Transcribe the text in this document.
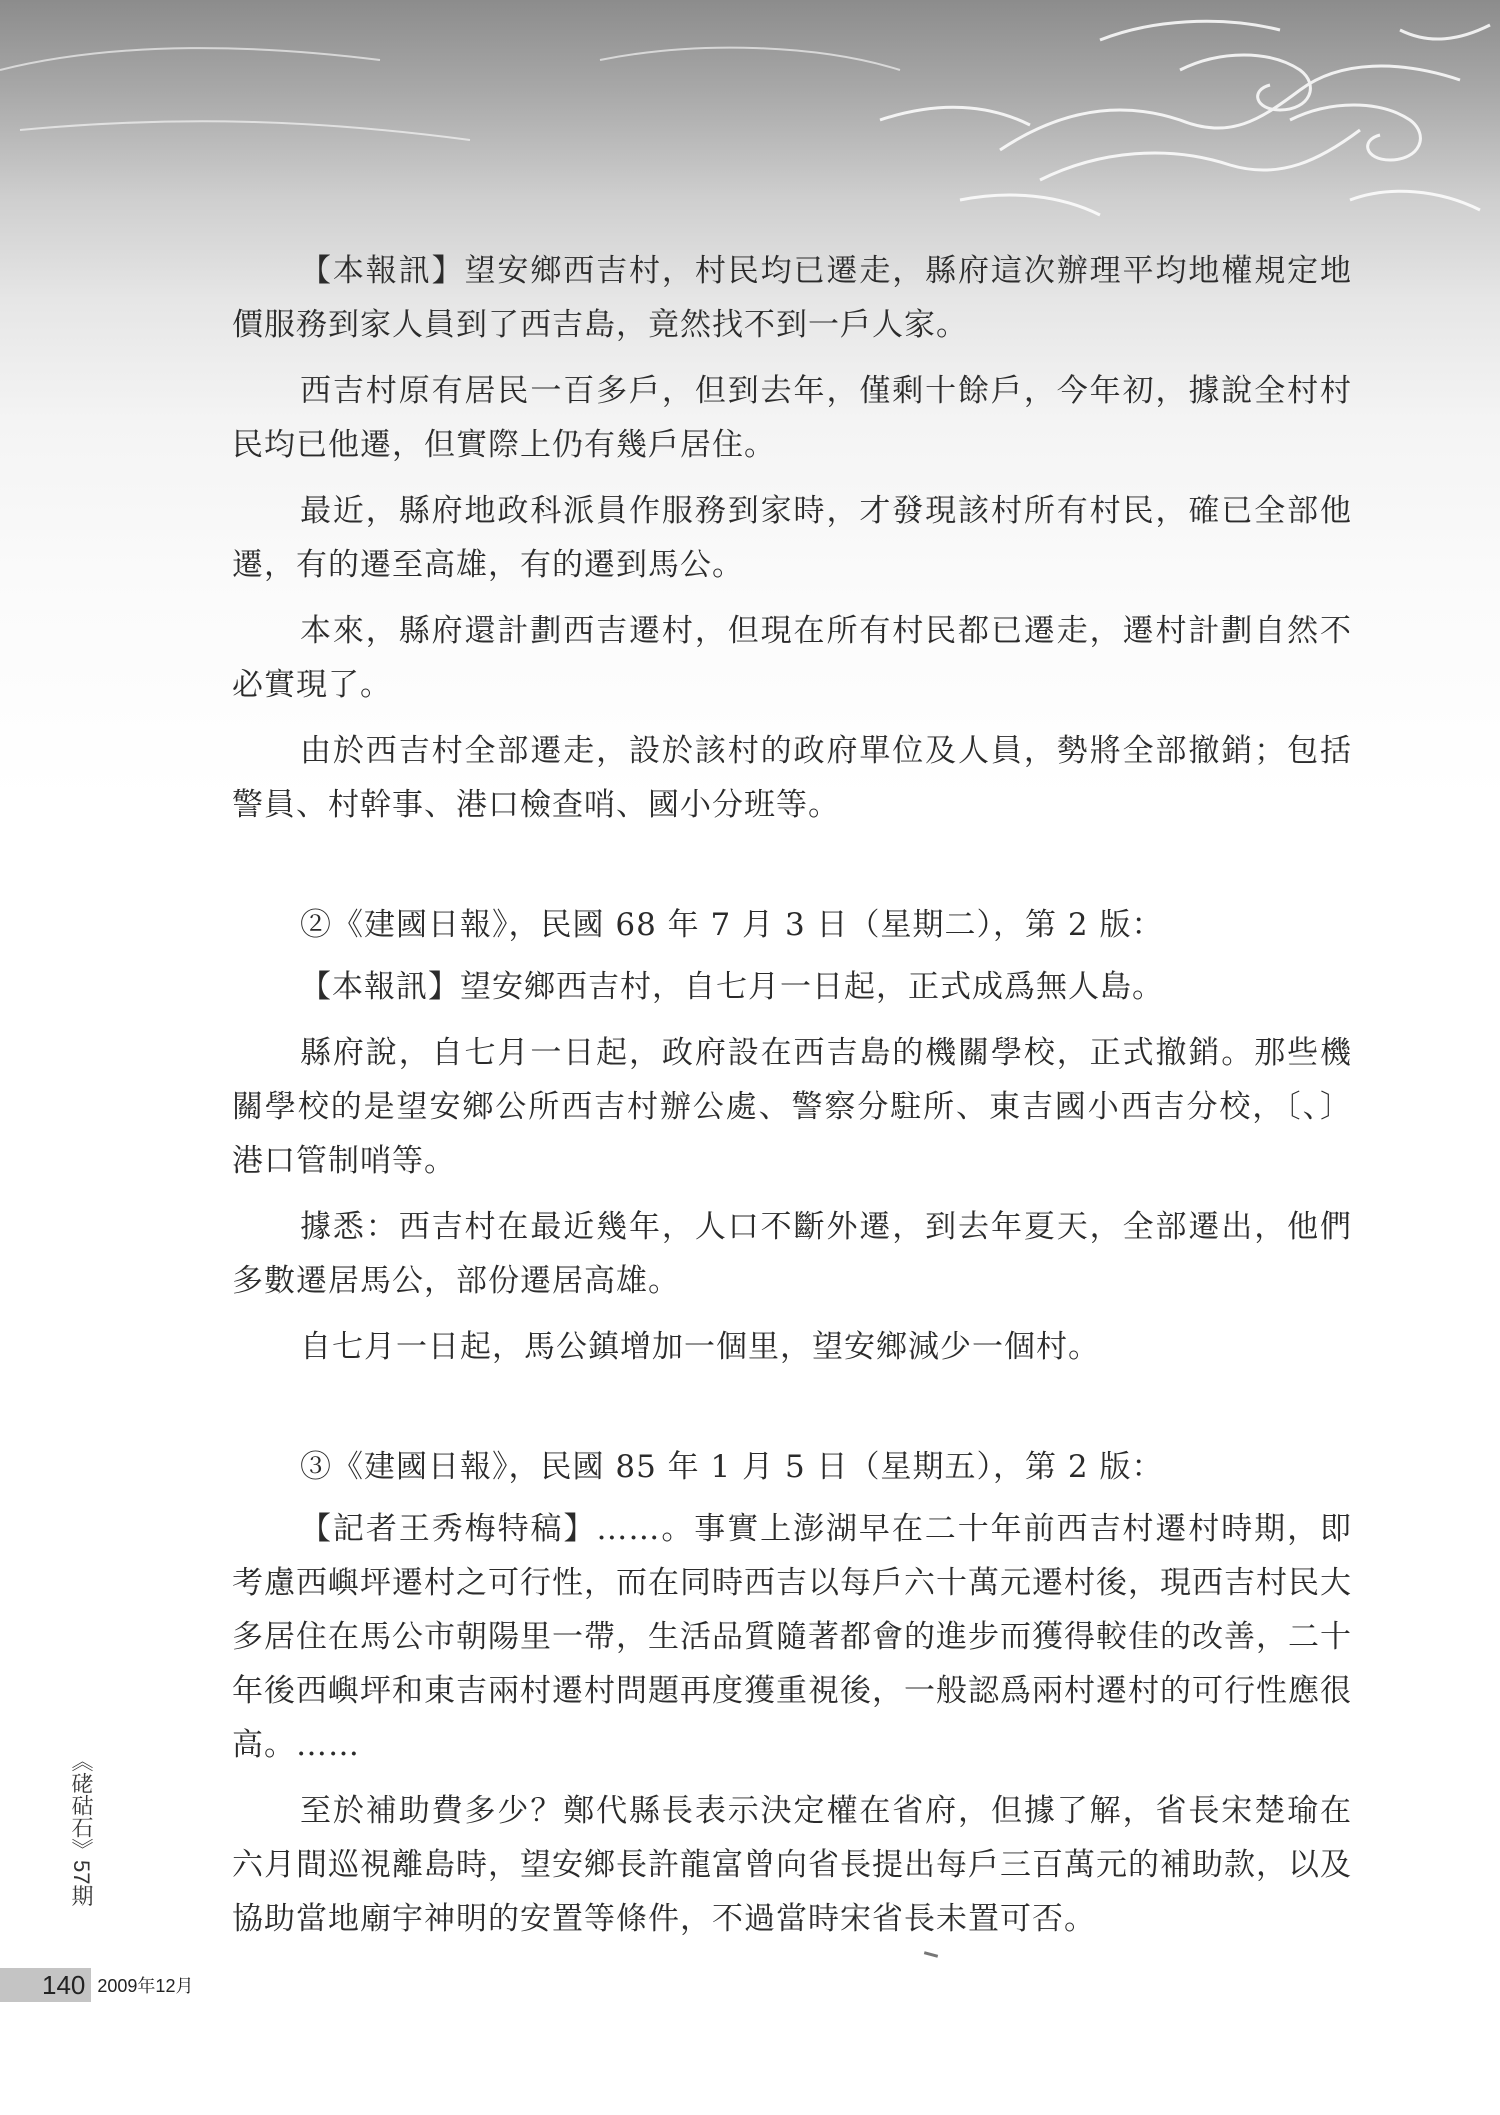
【本報訊】望安鄉西吉村，村民均已遷走，縣府這次辦理平均地權規定地價服務到家人員到了西吉島，竟然找不到一戶人家。

西吉村原有居民一百多戶，但到去年，僅剩十餘戶，今年初，據說全村村民均已他遷，但實際上仍有幾戶居住。

最近，縣府地政科派員作服務到家時，才發現該村所有村民，確已全部他遷，有的遷至高雄，有的遷到馬公。

本來，縣府還計劃西吉遷村，但現在所有村民都已遷走，遷村計劃自然不必實現了。

由於西吉村全部遷走，設於該村的政府單位及人員，勢將全部撤銷；包括警員、村幹事、港口檢查哨、國小分班等。

②《建國日報》，民國 68 年 7 月 3 日（星期二），第 2 版：

【本報訊】望安鄉西吉村，自七月一日起，正式成爲無人島。

縣府說，自七月一日起，政府設在西吉島的機關學校，正式撤銷。那些機關學校的是望安鄉公所西吉村辦公處、警察分駐所、東吉國小西吉分校，〔、〕港口管制哨等。

據悉：西吉村在最近幾年，人口不斷外遷，到去年夏天，全部遷出，他們多數遷居馬公，部份遷居高雄。

自七月一日起，馬公鎮增加一個里，望安鄉減少一個村。

③《建國日報》，民國 85 年 1 月 5 日（星期五），第 2 版：

【記者王秀梅特稿】……。事實上澎湖早在二十年前西吉村遷村時期，即考慮西嶼坪遷村之可行性，而在同時西吉以每戶六十萬元遷村後，現西吉村民大多居住在馬公市朝陽里一帶，生活品質隨著都會的進步而獲得較佳的改善，二十年後西嶼坪和東吉兩村遷村問題再度獲重視後，一般認爲兩村遷村的可行性應很高。……

至於補助費多少？鄭代縣長表示決定權在省府，但據了解，省長宋楚瑜在六月間巡視離島時，望安鄉長許龍富曾向省長提出每戶三百萬元的補助款，以及協助當地廟宇神明的安置等條件，不過當時宋省長未置可否。

《硓𥑮石》57期
140 2009年12月
